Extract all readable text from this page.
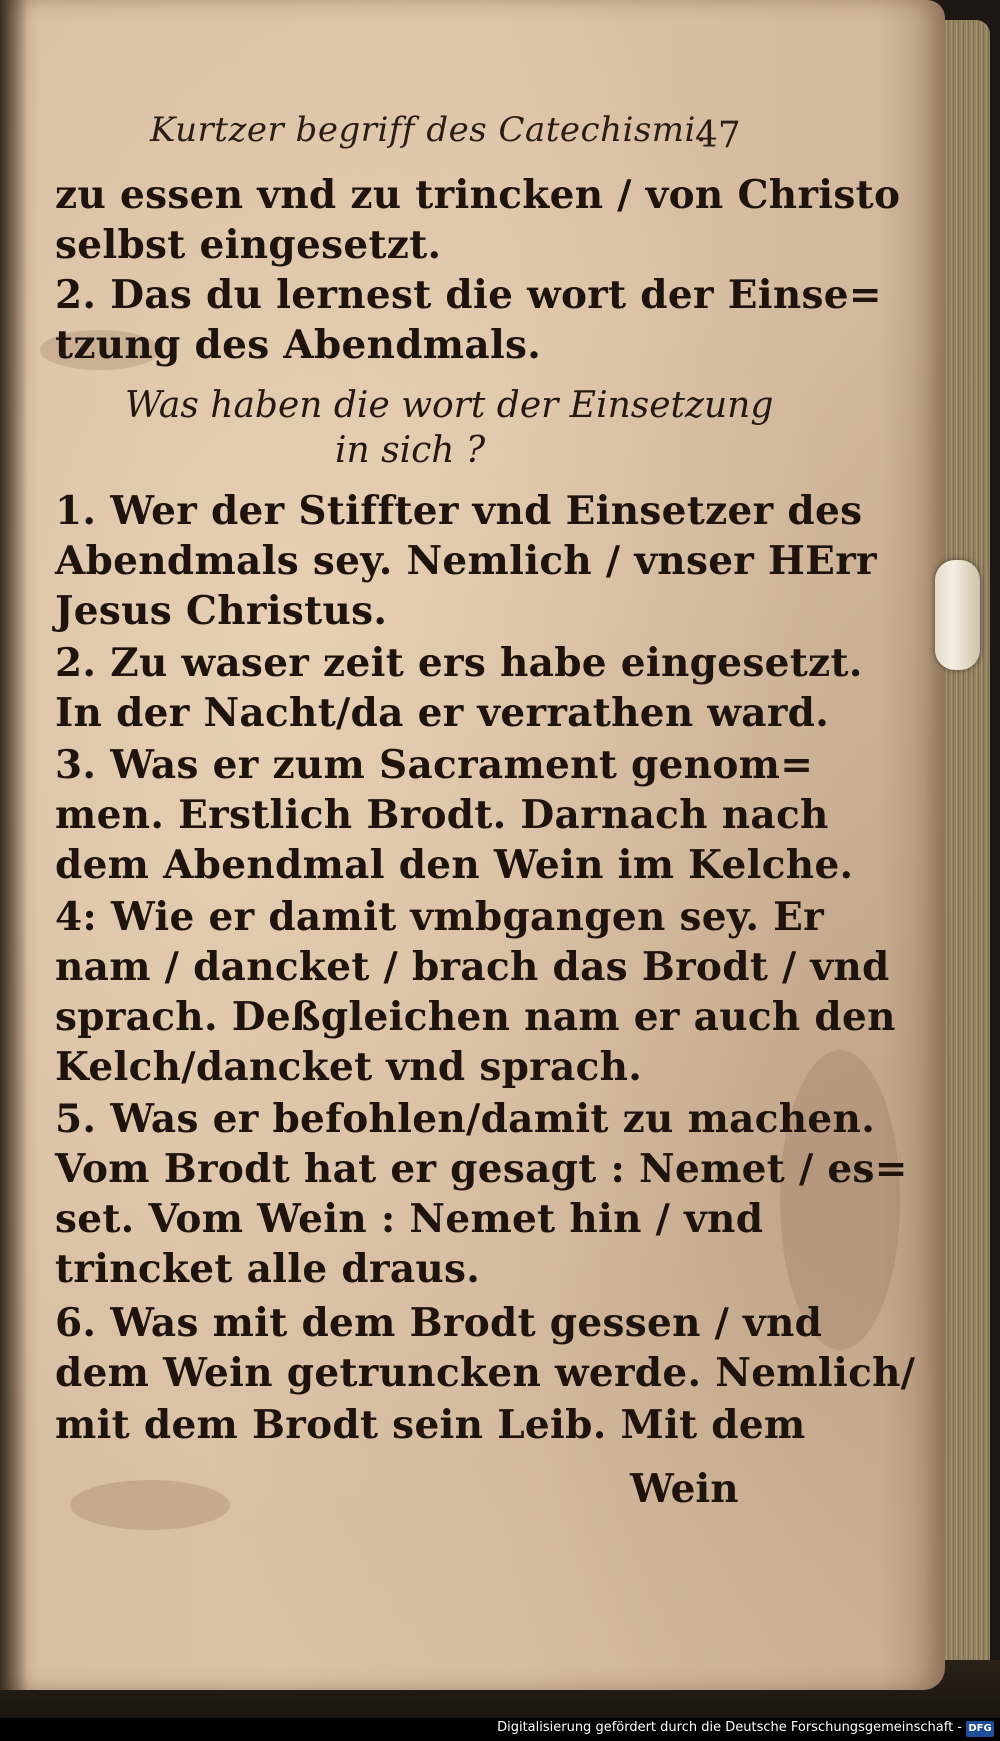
Kurtzer begriff des Catechismi.
47
zu essen vnd zu trincken / von Christo
selbst eingesetzt.
2. Das du lernest die wort der Einse=
tzung des Abendmals.
Was haben die wort der Einsetzung
in sich ?
1. Wer der Stiffter vnd Einsetzer des
Abendmals sey. Nemlich / vnser HErr
Jesus Christus.
2. Zu waser zeit ers habe eingesetzt.
In der Nacht/da er verrathen ward.
3. Was er zum Sacrament genom=
men. Erstlich Brodt. Darnach nach
dem Abendmal den Wein im Kelche.
4: Wie er damit vmbgangen sey. Er
nam / dancket / brach das Brodt / vnd
sprach. Deßgleichen nam er auch den
Kelch/dancket vnd sprach.
5. Was er befohlen/damit zu machen.
Vom Brodt hat er gesagt : Nemet / es=
set. Vom Wein : Nemet hin / vnd
trincket alle draus.
6. Was mit dem Brodt gessen / vnd
dem Wein getruncken werde. Nemlich/
mit dem Brodt sein Leib. Mit dem
Wein
Digitalisierung gefördert durch die Deutsche Forschungsgemeinschaft - DFG
